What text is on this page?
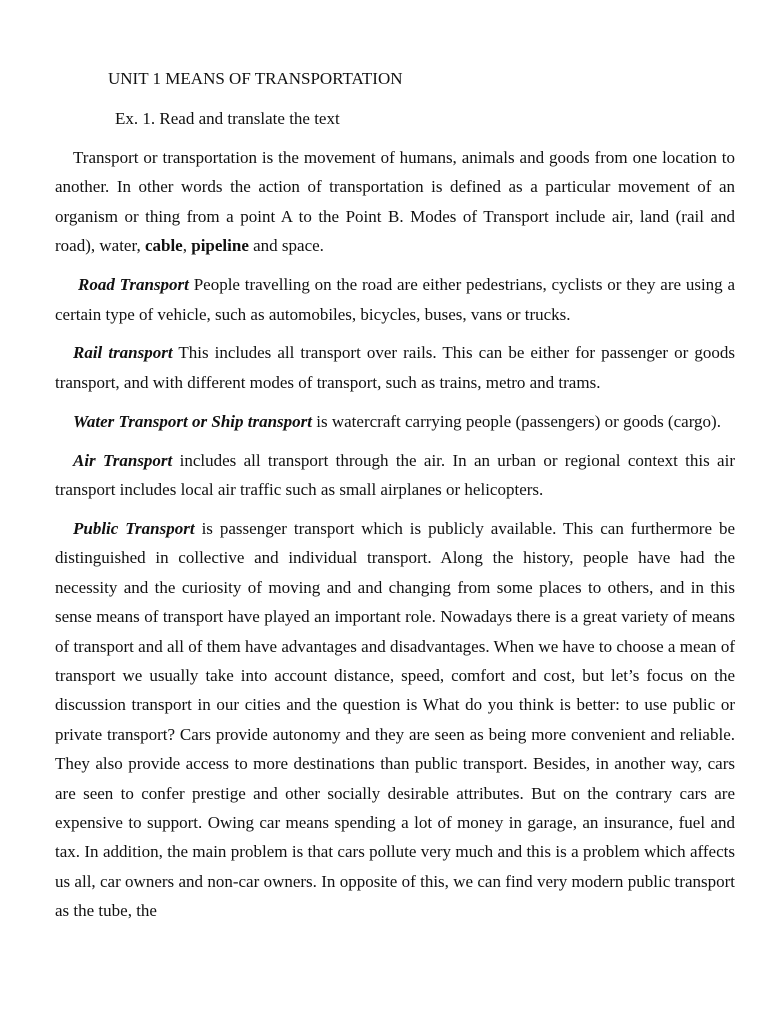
UNIT 1 MEANS OF TRANSPORTATION
Ex. 1. Read and translate the text

Transport or transportation is the movement of humans, animals and goods from one location to another. In other words the action of transportation is defined as a particular movement of an organism or thing from a point A to the Point B. Modes of Transport include air, land (rail and road), water, cable, pipeline and space.

Road Transport People travelling on the road are either pedestrians, cyclists or they are using a certain type of vehicle, such as automobiles, bicycles, buses, vans or trucks.

Rail transport This includes all transport over rails. This can be either for passenger or goods transport, and with different modes of transport, such as trains, metro and trams.

Water Transport or Ship transport is watercraft carrying people (passengers) or goods (cargo).

Air Transport includes all transport through the air. In an urban or regional context this air transport includes local air traffic such as small airplanes or helicopters.

Public Transport is passenger transport which is publicly available. This can furthermore be distinguished in collective and individual transport. Along the history, people have had the necessity and the curiosity of moving and and changing from some places to others, and in this sense means of transport have played an important role. Nowadays there is a great variety of means of transport and all of them have advantages and disadvantages. When we have to choose a mean of transport we usually take into account distance, speed, comfort and cost, but let’s focus on the discussion transport in our cities and the question is What do you think is better: to use public or private transport? Cars provide autonomy and they are seen as being more convenient and reliable. They also provide access to more destinations than public transport. Besides, in another way, cars are seen to confer prestige and other socially desirable attributes. But on the contrary cars are expensive to support. Owing car means spending a lot of money in garage, an insurance, fuel and tax. In addition, the main problem is that cars pollute very much and this is a problem which affects us all, car owners and non-car owners. In opposite of this, we can find very modern public transport as the tube, the
